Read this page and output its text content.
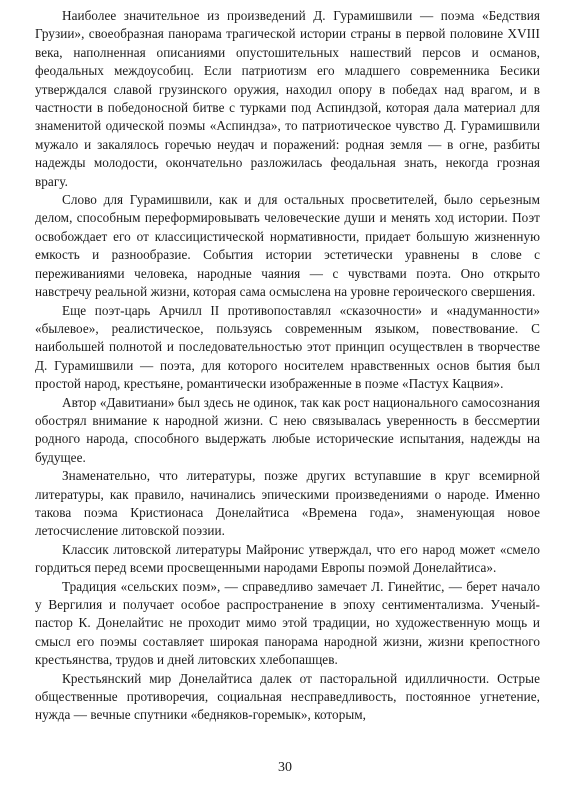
Наиболее значительное из произведений Д. Гурамишвили — поэма «Бедствия Грузии», своеобразная панорама трагической истории страны в первой половине XVIII века, наполненная описаниями опустошительных нашествий персов и османов, феодальных междоусобиц. Если патриотизм его младшего современника Бесики утверждался славой грузинского оружия, находил опору в победах над врагом, и в частности в победоносной битве с турками под Аспиндзой, которая дала материал для знаменитой одической поэмы «Аспиндза», то патриотическое чувство Д. Гурамишвили мужало и закалялось горечью неудач и поражений: родная земля — в огне, разбиты надежды молодости, окончательно разложилась феодальная знать, некогда грозная врагу.

Слово для Гурамишвили, как и для остальных просветителей, было серьезным делом, способным переформировывать человеческие души и менять ход истории. Поэт освобождает его от классицистической нормативности, придает большую жизненную емкость и разнообразие. События истории эстетически уравнены в слове с переживаниями человека, народные чаяния — с чувствами поэта. Оно открыто навстречу реальной жизни, которая сама осмыслена на уровне героического свершения.

Еще поэт-царь Арчилл II противопоставлял «сказочности» и «надуманности» «былевое», реалистическое, пользуясь современным языком, повествование. С наибольшей полнотой и последовательностью этот принцип осуществлен в творчестве Д. Гурамишвили — поэта, для которого носителем нравственных основ бытия был простой народ, крестьяне, романтически изображенные в поэме «Пастух Кацвия».

Автор «Давитиани» был здесь не одинок, так как рост национального самосознания обострял внимание к народной жизни. С нею связывалась уверенность в бессмертии родного народа, способного выдержать любые исторические испытания, надежды на будущее.

Знаменательно, что литературы, позже других вступавшие в круг всемирной литературы, как правило, начинались эпическими произведениями о народе. Именно такова поэма Кристионаса Донелайтиса «Времена года», знаменующая новое летосчисление литовской поэзии.

Классик литовской литературы Майронис утверждал, что его народ может «смело гордиться перед всеми просвещенными народами Европы поэмой Донелайтиса».

Традиция «сельских поэм», — справедливо замечает Л. Гинейтис, — берет начало у Вергилия и получает особое распространение в эпоху сентиментализма. Ученый-пастор К. Донелайтис не проходит мимо этой традиции, но художественную мощь и смысл его поэмы составляет широкая панорама народной жизни, жизни крепостного крестьянства, трудов и дней литовских хлебопашцев.

Крестьянский мир Донелайтиса далек от пасторальной идилличности. Острые общественные противоречия, социальная несправедливость, постоянное угнетение, нужда — вечные спутники «бедняков-горемык», которым,

30
